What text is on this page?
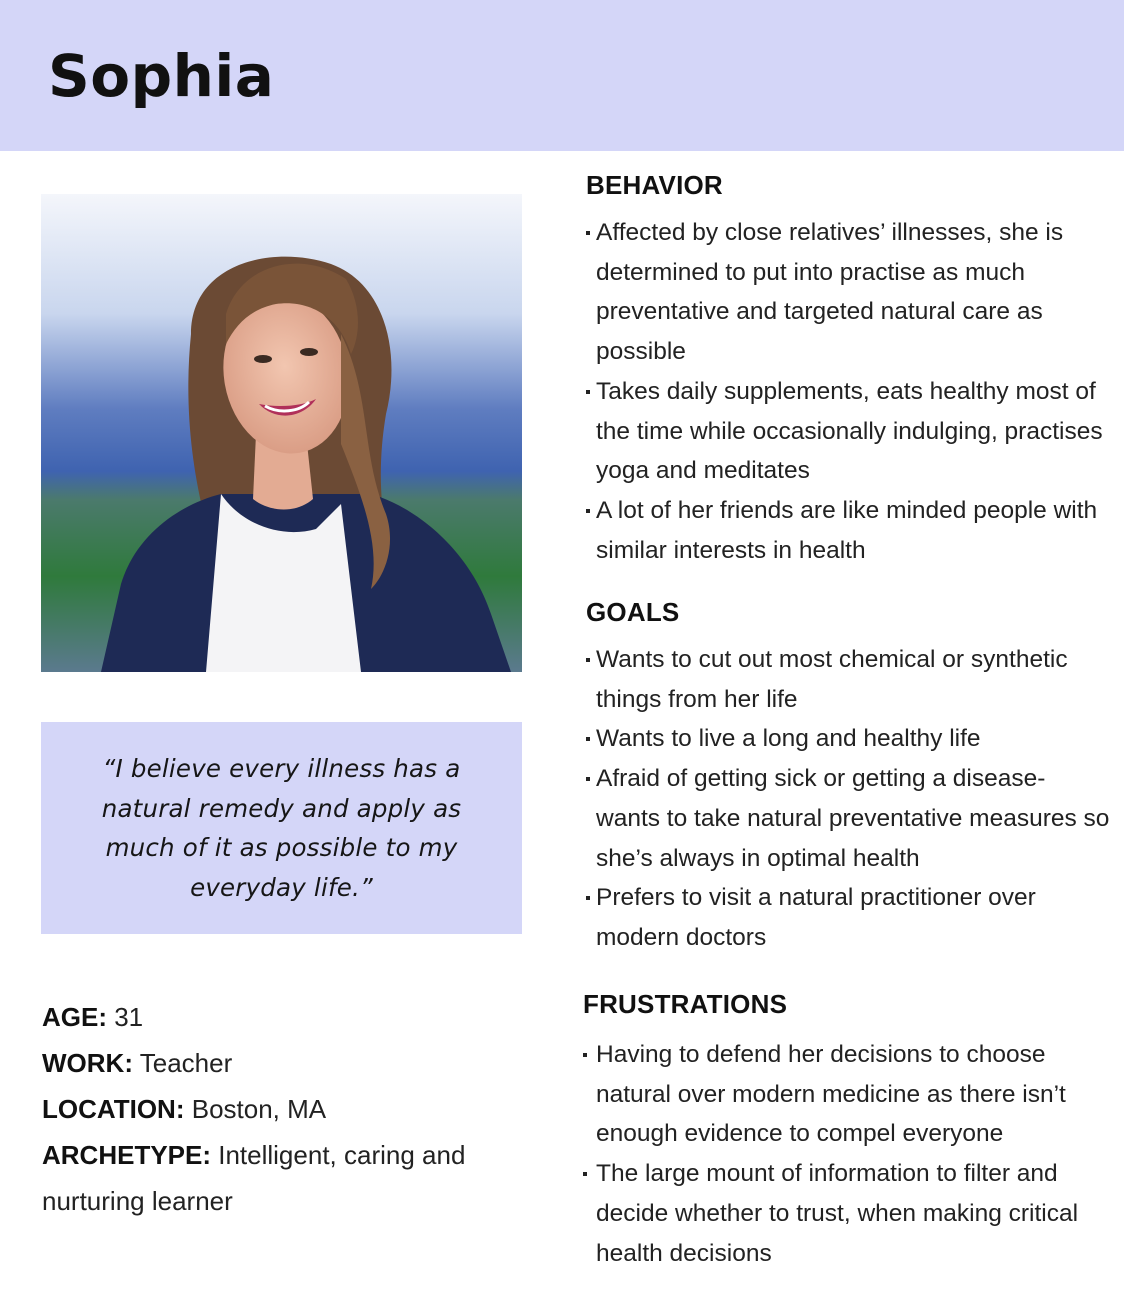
Sophia

“I believe every illness has a natural remedy and apply as much of it as possible to my everyday life.”

AGE: 31
WORK: Teacher
LOCATION: Boston, MA
ARCHETYPE: Intelligent, caring and nurturing learner
BEHAVIOR
Affected by close relatives’ illnesses, she is determined to put into practise as much preventative and targeted natural care as possible
Takes daily supplements, eats healthy most of the time while occasionally indulging, practises yoga and meditates
A lot of her friends are like minded people with similar interests in health
GOALS
Wants to cut out most chemical or synthetic things from her life
Wants to live a long and healthy life
Afraid of getting sick or getting a disease- wants to take natural preventative measures so she’s always in optimal health
Prefers to visit a natural practitioner over modern doctors
FRUSTRATIONS
Having to defend her decisions to choose natural over modern medicine as there isn’t enough evidence to compel everyone
The large mount of information to filter and decide whether to trust, when making critical health decisions
